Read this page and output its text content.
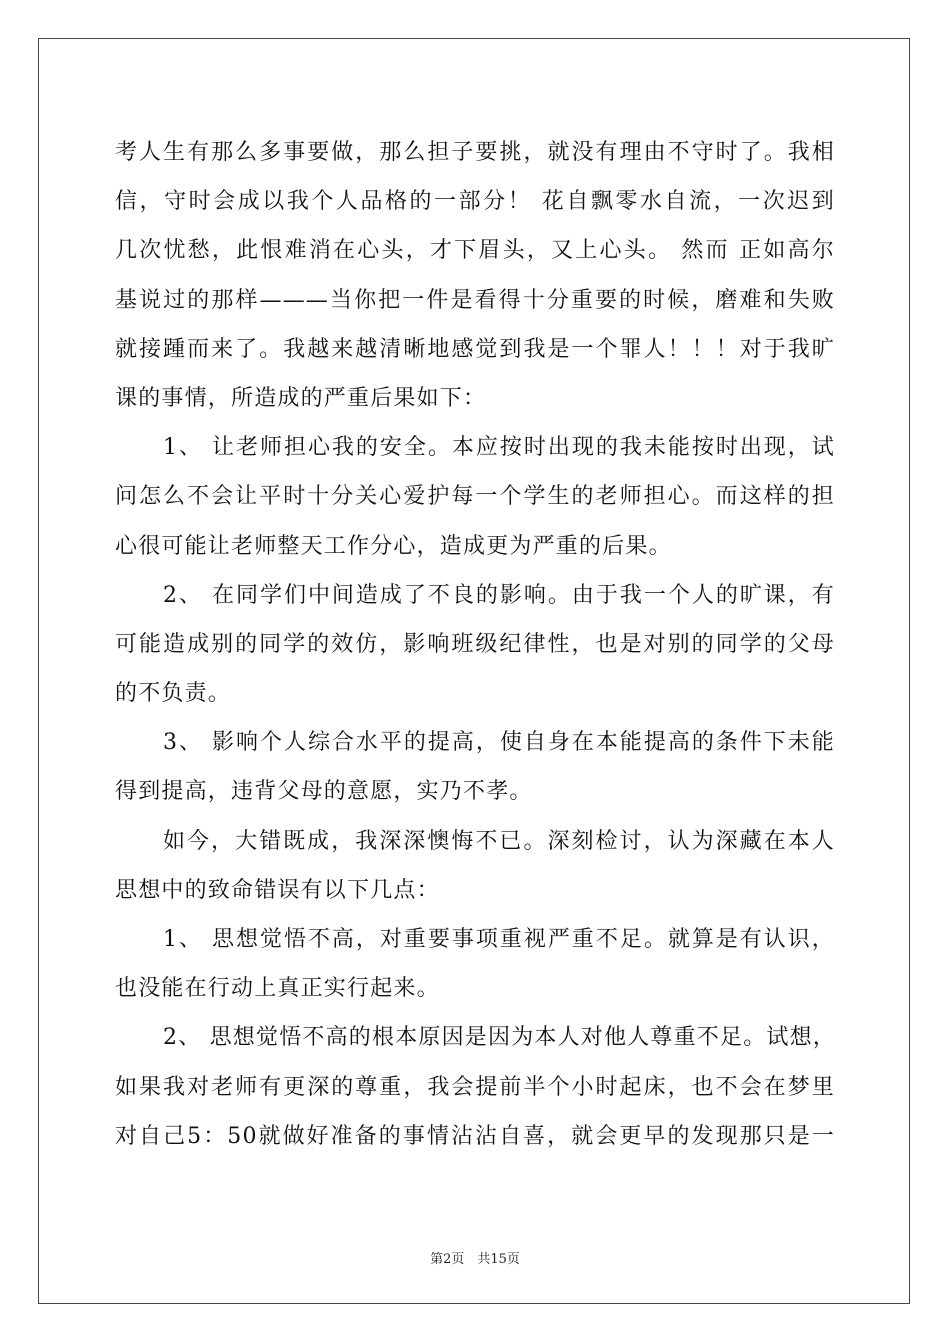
考人生有那么多事要做，那么担子要挑，就没有理由不守时了。我相
信，守时会成以我个人品格的一部分！ 花自飘零水自流，一次迟到
几次忧愁，此恨难消在心头，才下眉头，又上心头。 然而 正如高尔
基说过的那样———当你把一件是看得十分重要的时候，磨难和失败
就接踵而来了。我越来越清晰地感觉到我是一个罪人！！！对于我旷
课的事情，所造成的严重后果如下：
1、 让老师担心我的安全。本应按时出现的我未能按时出现，试
问怎么不会让平时十分关心爱护每一个学生的老师担心。而这样的担
心很可能让老师整天工作分心，造成更为严重的后果。
2、 在同学们中间造成了不良的影响。由于我一个人的旷课，有
可能造成别的同学的效仿，影响班级纪律性，也是对别的同学的父母
的不负责。
3、 影响个人综合水平的提高，使自身在本能提高的条件下未能
得到提高，违背父母的意愿，实乃不孝。
如今，大错既成，我深深懊悔不已。深刻检讨，认为深藏在本人
思想中的致命错误有以下几点：
1、 思想觉悟不高，对重要事项重视严重不足。就算是有认识，
也没能在行动上真正实行起来。
2、 思想觉悟不高的根本原因是因为本人对他人尊重不足。试想，
如果我对老师有更深的尊重，我会提前半个小时起床，也不会在梦里
对自己5：50就做好准备的事情沾沾自喜，就会更早的发现那只是一
第2页　共15页
